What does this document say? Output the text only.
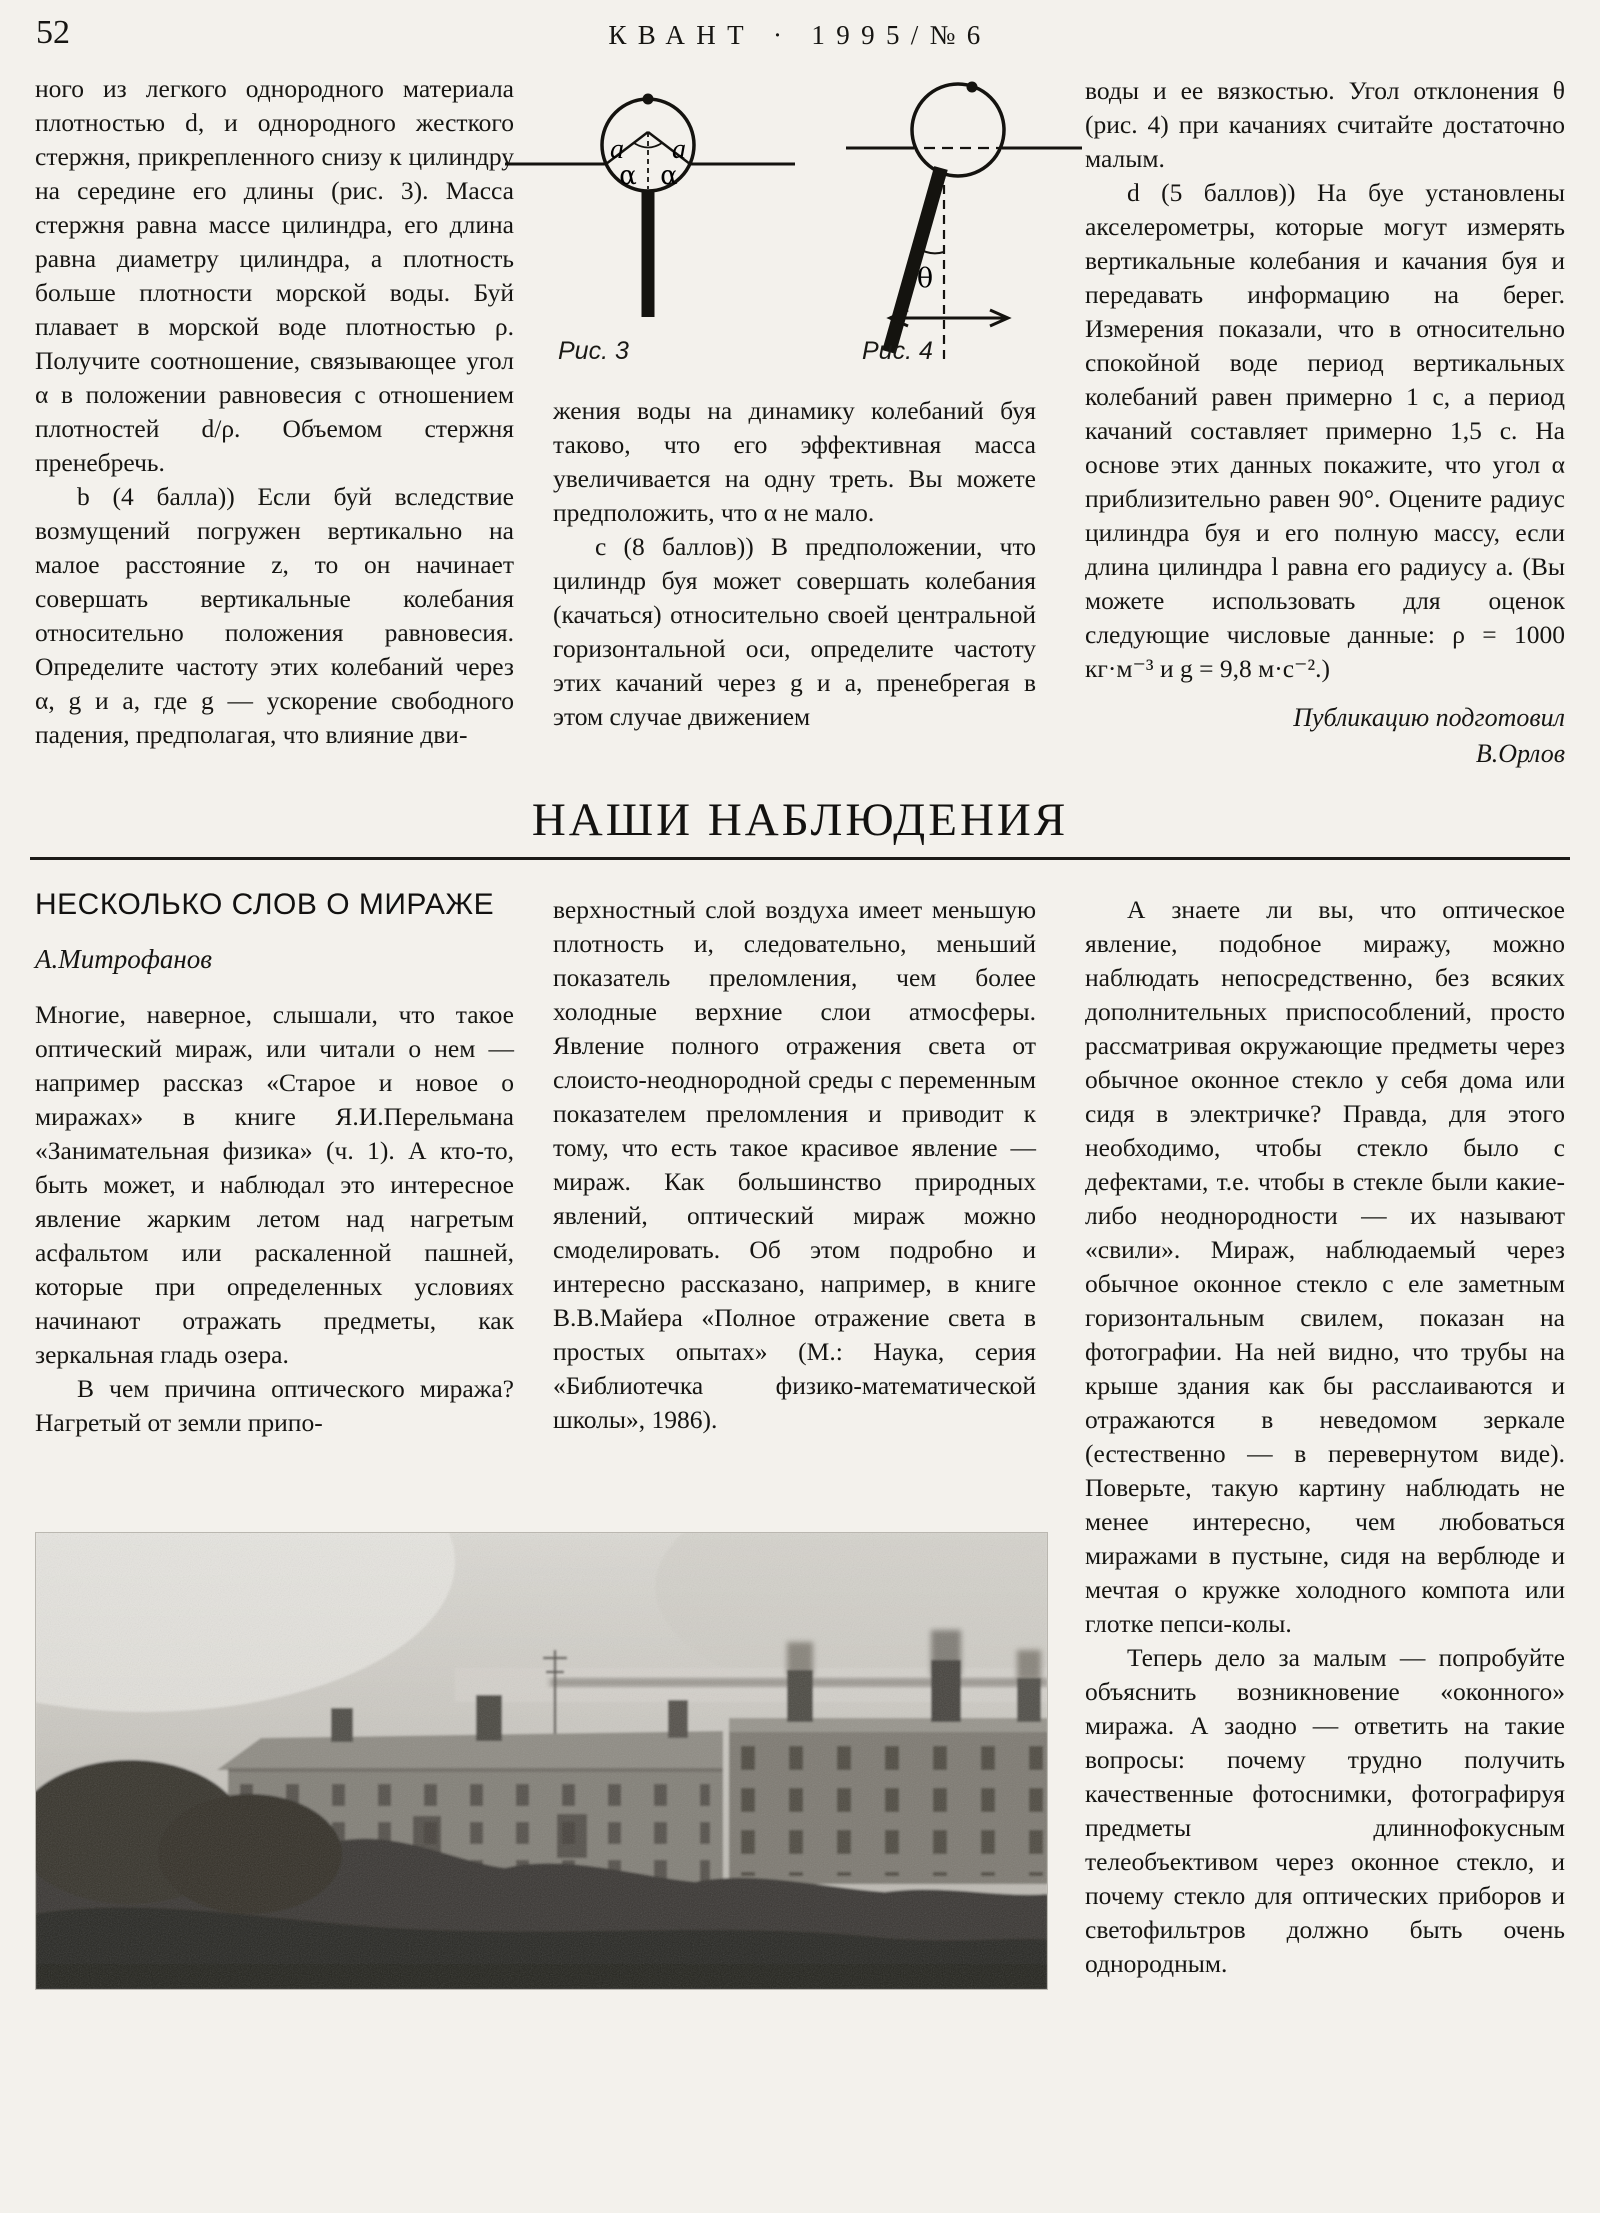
52	КВАНТ · 1995/№6

ного из легкого однородного материала плотностью d, и однородного жесткого стержня, прикрепленного снизу к цилиндру на середине его длины (рис. 3). Масса стержня равна массе цилиндра, его длина равна диаметру цилиндра, а плотность больше плотности морской воды. Буй плавает в морской воде плотностью ρ. Получите соотношение, связывающее угол α в положении равновесия с отношением плотностей d/ρ. Объемом стержня пренебречь.

b (4 балла)) Если буй вследствие возмущений погружен вертикально на малое расстояние z, то он начинает совершать вертикальные колебания относительно положения равновесия. Определите частоту этих колебаний через α, g и a, где g — ускорение свободного падения, предполагая, что влияние дви-

a a
α α
Рис. 3
θ
Рис. 4

жения воды на динамику колебаний буя таково, что его эффективная масса увеличивается на одну треть. Вы можете предположить, что α не мало.

c (8 баллов)) В предположении, что цилиндр буя может совершать колебания (качаться) относительно своей центральной горизонтальной оси, определите частоту этих качаний через g и a, пренебрегая в этом случае движением

воды и ее вязкостью. Угол отклонения θ (рис. 4) при качаниях считайте достаточно малым.

d (5 баллов)) На буе установлены акселерометры, которые могут измерять вертикальные колебания и качания буя и передавать информацию на берег. Измерения показали, что в относительно спокойной воде период вертикальных колебаний равен примерно 1 с, а период качаний составляет примерно 1,5 с. На основе этих данных покажите, что угол α приблизительно равен 90°. Оцените радиус цилиндра буя и его полную массу, если длина цилиндра l равна его радиусу a. (Вы можете использовать для оценок следующие числовые данные: ρ = 1000 кг·м⁻³ и g = 9,8 м·с⁻².)

Публикацию подготовил
В.Орлов
НАШИ НАБЛЮДЕНИЯ
НЕСКОЛЬКО СЛОВ О МИРАЖЕ
А.Митрофанов

Многие, наверное, слышали, что такое оптический мираж, или читали о нем — например рассказ «Старое и новое о миражах» в книге Я.И.Перельмана «Занимательная физика» (ч. 1). А кто-то, быть может, и наблюдал это интересное явление жарким летом над нагретым асфальтом или раскаленной пашней, которые при определенных условиях начинают отражать предметы, как зеркальная гладь озера.

В чем причина оптического миража? Нагретый от земли припо-

верхностный слой воздуха имеет меньшую плотность и, следовательно, меньший показатель преломления, чем более холодные верхние слои атмосферы. Явление полного отражения света от слоисто-неоднородной среды с переменным показателем преломления и приводит к тому, что есть такое красивое явление — мираж. Как большинство природных явлений, оптический мираж можно смоделировать. Об этом подробно и интересно рассказано, например, в книге В.В.Майера «Полное отражение света в простых опытах» (М.: Наука, серия «Библиотечка физико-математической школы», 1986).

А знаете ли вы, что оптическое явление, подобное миражу, можно наблюдать непосредственно, без всяких дополнительных приспособлений, просто рассматривая окружающие предметы через обычное оконное стекло у себя дома или сидя в электричке? Правда, для этого необходимо, чтобы стекло было с дефектами, т.е. чтобы в стекле были какие-либо неоднородности — их называют «свили». Мираж, наблюдаемый через обычное оконное стекло с еле заметным горизонтальным свилем, показан на фотографии. На ней видно, что трубы на крыше здания как бы расслаиваются и отражаются в неведомом зеркале (естественно — в перевернутом виде). Поверьте, такую картину наблюдать не менее интересно, чем любоваться миражами в пустыне, сидя на верблюде и мечтая о кружке холодного компота или глотке пепси-колы.

Теперь дело за малым — попробуйте объяснить возникновение «оконного» миража. А заодно — ответить на такие вопросы: почему трудно получить качественные фотоснимки, фотографируя предметы длиннофокусным телеобъективом через оконное стекло, и почему стекло для оптических приборов и светофильтров должно быть очень однородным.
